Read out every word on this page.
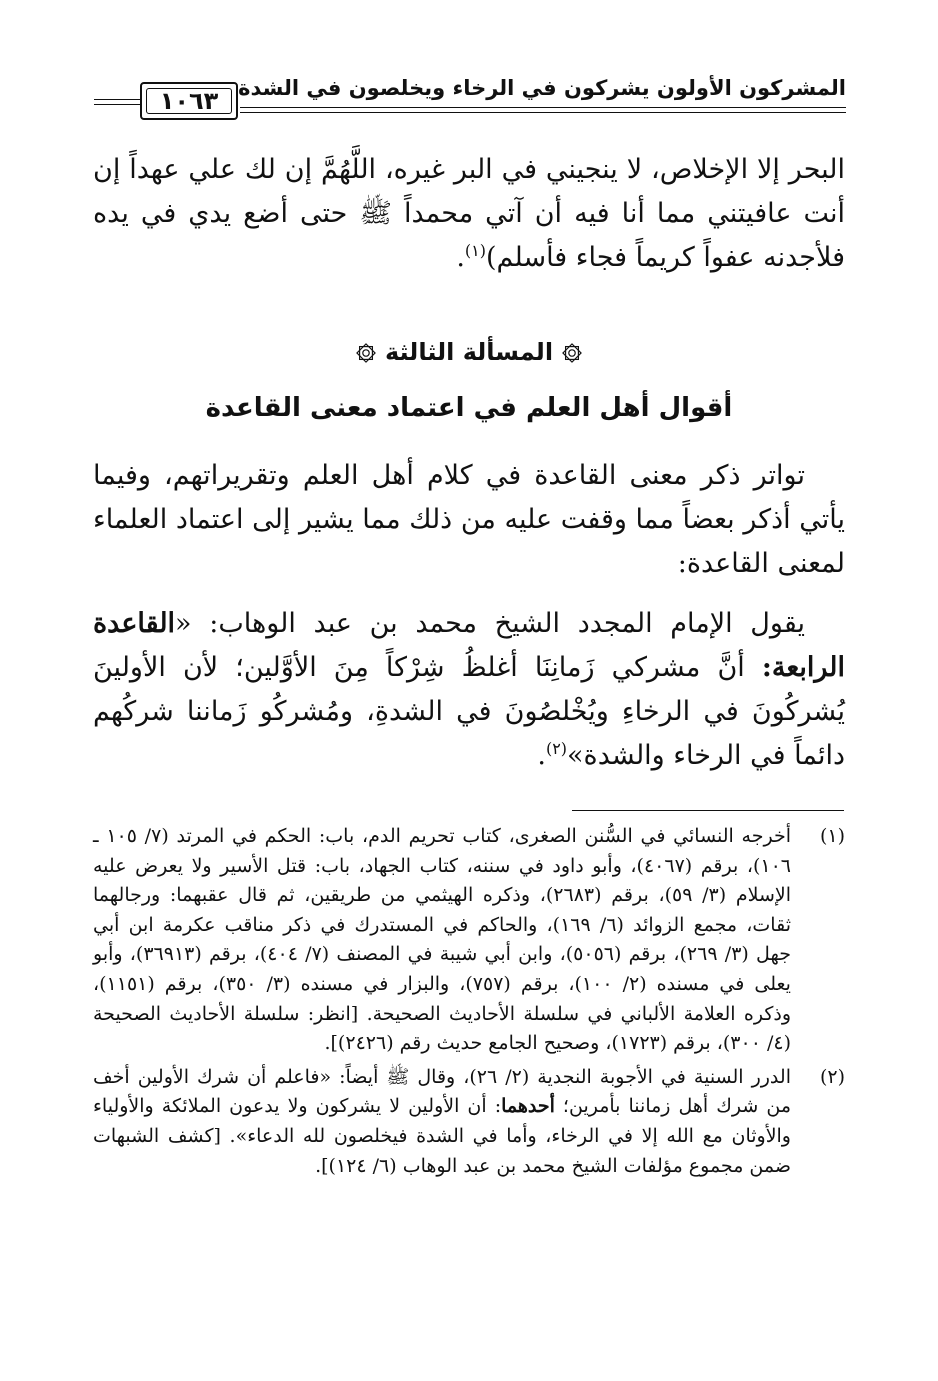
المشركون الأولون يشركون في الرخاء ويخلصون في الشدة
١٠٦٣
البحر إلا الإخلاص، لا ينجيني في البر غيره، اللَّهُمَّ إن لك علي عهداً إن أنت عافيتني مما أنا فيه أن آتي محمداً ﷺ حتى أضع يدي في يده فلأجدنه عفواً كريماً فجاء فأسلم)$^{(١)}$.
المسألة الثالثة
أقوال أهل العلم في اعتماد معنى القاعدة
تواتر ذكر معنى القاعدة في كلام أهل العلم وتقريراتهم، وفيما يأتي أذكر بعضاً مما وقفت عليه من ذلك مما يشير إلى اعتماد العلماء لمعنى القاعدة:
يقول الإمام المجدد الشيخ محمد بن عبد الوهاب: «القاعدة الرابعة: أنَّ مشركي زَمانِنَا أغلظُ شِرْكاً مِنَ الأوَّلين؛ لأن الأولينَ يُشركُونَ في الرخاءِ ويُخْلصُونَ في الشدةِ، ومُشركُو زَماننا شركُهم دائماً في الرخاء والشدة»$^{(٢)}$.
(١)
أخرجه النسائي في السُّنن الصغرى، كتاب تحريم الدم، باب: الحكم في المرتد (٧/ ١٠٥ ـ ١٠٦)، برقم (٤٠٦٧)، وأبو داود في سننه، كتاب الجهاد، باب: قتل الأسير ولا يعرض عليه الإسلام (٣/ ٥٩)، برقم (٢٦٨٣)، وذكره الهيثمي من طريقين، ثم قال عقبهما: ورجالهما ثقات، مجمع الزوائد (٦/ ١٦٩)، والحاكم في المستدرك في ذكر مناقب عكرمة ابن أبي جهل (٣/ ٢٦٩)، برقم (٥٠٥٦)، وابن أبي شيبة في المصنف (٧/ ٤٠٤)، برقم (٣٦٩١٣)، وأبو يعلى في مسنده (٢/ ١٠٠)، برقم (٧٥٧)، والبزار في مسنده (٣/ ٣٥٠)، برقم (١١٥١)، وذكره العلامة الألباني في سلسلة الأحاديث الصحيحة. [انظر: سلسلة الأحاديث الصحيحة (٤/ ٣٠٠)، برقم (١٧٢٣)، وصحيح الجامع حديث رقم (٢٤٢٦)].
(٢)
الدرر السنية في الأجوبة النجدية (٢/ ٢٦)، وقال ﷺ أيضاً: «فاعلم أن شرك الأولين أخف من شرك أهل زماننا بأمرين؛ أحدهما: أن الأولين لا يشركون ولا يدعون الملائكة والأولياء والأوثان مع الله إلا في الرخاء، وأما في الشدة فيخلصون لله الدعاء». [كشف الشبهات ضمن مجموع مؤلفات الشيخ محمد بن عبد الوهاب (٦/ ١٢٤)].
